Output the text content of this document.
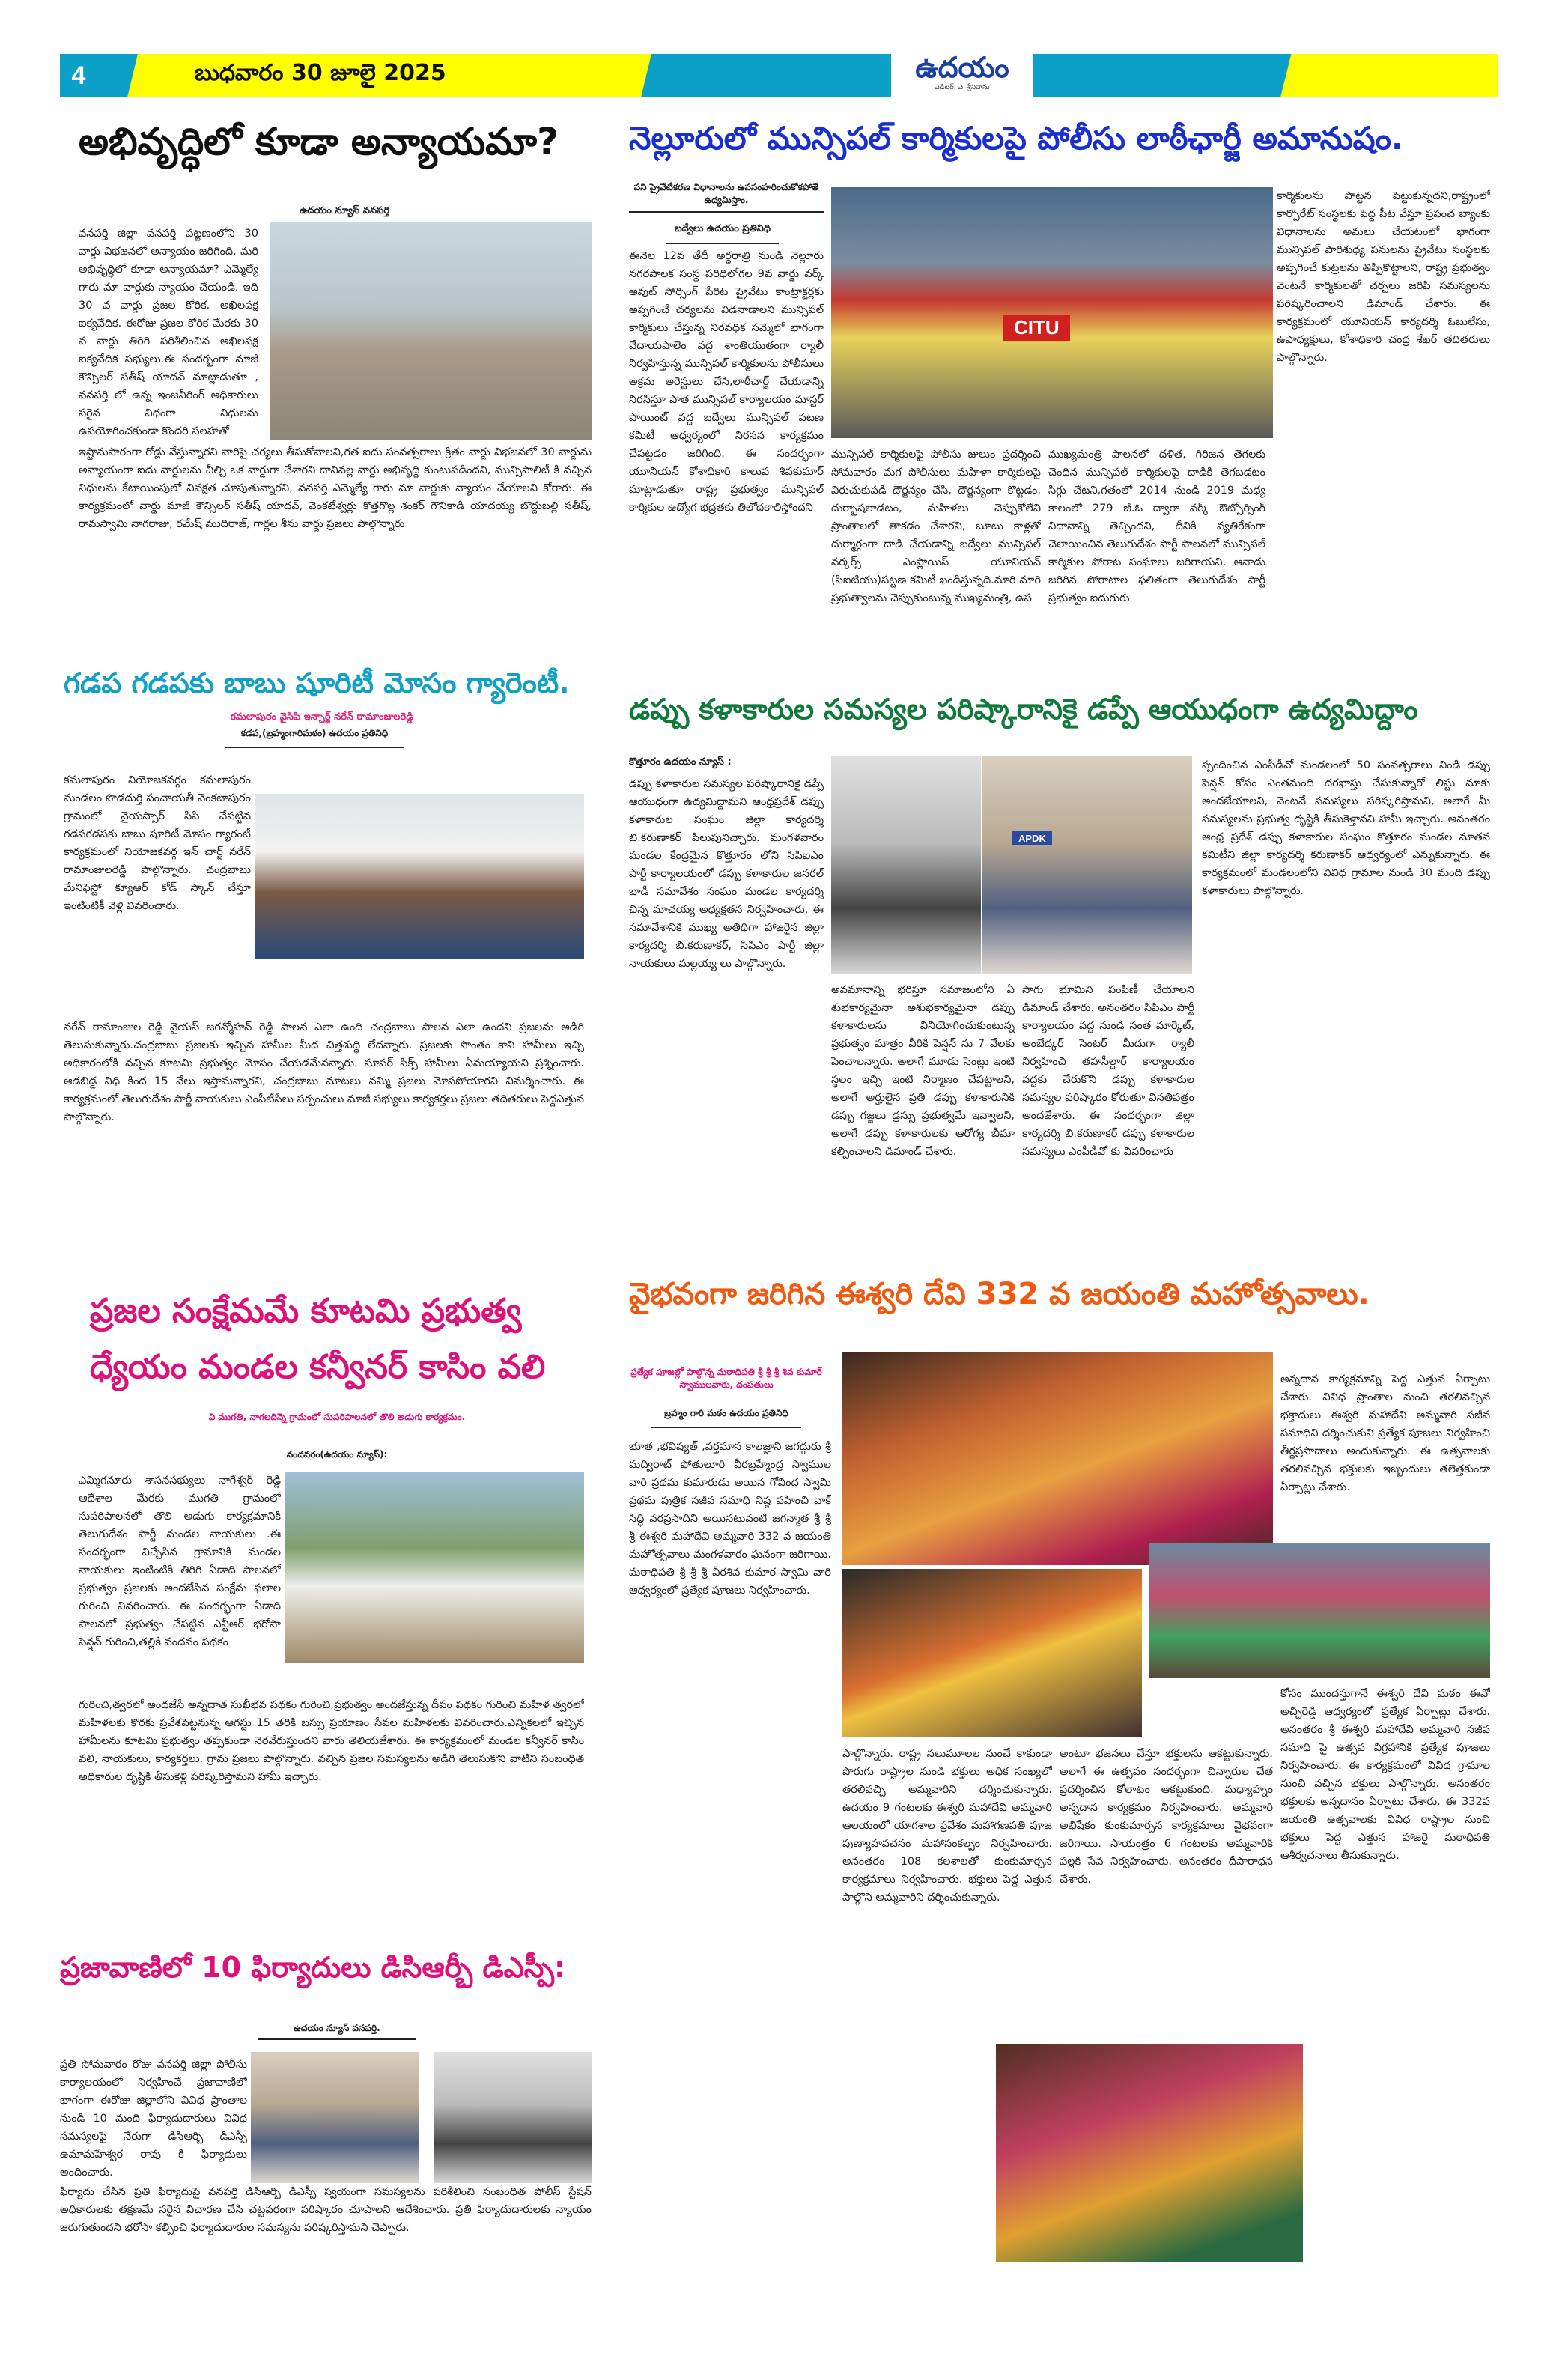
4	బుధవారం 30 జూలై 2025	ఉదయం
ఎడిటర్: ఎ. శ్రీనివాసు
అభివృద్ధిలో కూడా అన్యాయమా?
ఉదయం న్యూస్ వనపర్తి
వనపర్తి జిల్లా వనపర్తి పట్టణంలోని 30 వార్డు విభజనలో అన్యాయం జరిగింది. మరి అభివృద్ధిలో కూడా అన్యాయమా? ఎమ్మెల్యే గారు మా వార్డుకు న్యాయం చేయండి. ఇది 30 వ వార్డు ప్రజల కోరిక. అఖిలపక్ష ఐక్యవేదిక. ఈరోజు ప్రజల కోరిక మేరకు 30 వ వార్డు తిరిగి పరిశీలించిన అఖిలపక్ష ఐక్యవేదిక సభ్యులు.ఈ సందర్భంగా మాజీ కౌన్సిలర్ సతీష్ యాదవ్ మాట్లాడుతూ , వనపర్తి లో ఉన్న ఇంజనీరింగ్ అధికారులు సరైన విధంగా నిధులను ఉపయోగించకుండా కొందరి సలహాతో
ఇష్టానుసారంగా రోడ్లు వేస్తున్నారని వారిపై చర్యలు తీసుకోవాలని,గత ఐదు సంవత్సరాలు క్రితం వార్డు విభజనలో 30 వార్డును అన్యాయంగా ఐదు వార్డులను చీల్చి ఒక వార్డుగా చేశారని దానివల్ల వార్డు అభివృద్ధి కుంటుపడిందని, మున్సిపాలిటీ కి వచ్చిన నిధులను కేటాయింపులో వివక్షత చూపుతున్నారని, వనపర్తి ఎమ్మెల్యే గారు మా వార్డుకు న్యాయం చేయాలని కోరారు. ఈ కార్యక్రమంలో వార్డు మాజీ కౌన్సిలర్ సతీష్ యాదవ్, వెంకటేశ్వర్లు కొత్తగొల్ల శంకర్ గౌనికాడి యాదయ్య బొద్దుబల్లి సతీష్, రామస్వామి నాగరాజు, రమేష్ ముదిరాజ్, గార్లల శీను వార్డు ప్రజలు పాల్గొన్నారు
నెల్లూరులో మున్సిపల్ కార్మికులపై పోలీసు లాఠీఛార్జీ అమానుషం.
పని ప్రైవేటీకరణ విధానాలను ఉపసంహరించుకోకపోతే ఉద్యమిస్తాం.
బద్వేలు ఉదయం ప్రతినిధి
ఈనెల 12వ తేదీ అర్ధరాత్రి నుండి నెల్లూరు నగరపాలక సంస్థ పరిధిలోగల 9వ వార్డు వర్క్ అవుట్ సోర్సింగ్ పేరిట ప్రైవేటు కాంట్రాక్టర్లకు అప్పగించే చర్యలను విడనాడాలని మున్సిపల్ కార్మికులు చేస్తున్న నిరవధిక సమ్మెలో భాగంగా వేదాయపాలెం వద్ద శాంతియుతంగా ర్యాలీ నిర్వహిస్తున్న మున్సిపల్ కార్మికులను పోలీసులు అక్రమ అరెస్టులు చేసి,లాఠీచార్జ్ చేయడాన్ని నిరసిస్తూ పాత మున్సిపల్ కార్యాలయం మాస్టర్ పాయింట్ వద్ద బద్వేలు మున్సిపల్ పటణ కమిటీ ఆధ్వర్యంలో నిరసన కార్యక్రమం చేపట్టడం జరిగింది. ఈ సందర్భంగా యూనియన్ కోశాధికారి కాలువ శివకుమార్ మాట్లాడుతూ రాష్ట్ర ప్రభుత్వం మున్సిపల్ కార్మికుల ఉద్యోగ భద్రతకు తిలోదకాలిస్తోందని
CITU
మున్సిపల్ కార్మికులపై పోలీసు జులుం ప్రదర్శించి సోమవారం మగ పోలీసులు మహిళా కార్మికులపై విరుచుకుపడి దౌర్జన్యం చేసి, దౌర్జన్యంగా కొట్టడం, దుర్భాషలాడటం, మహిళలు చెప్పుకోలేని ప్రాంతాలలో తాకడం చేశారని, బూటు కాళ్లతో దుర్మార్గంగా దాడి చేయడాన్ని బద్వేలు మున్సిపల్ వర్కర్స్ ఎంప్లాయిస్ యూనియన్ (సిఐటియు)పట్టణ కమిటీ ఖండిస్తున్నది.మారి మారి ప్రభుత్వాలను చెప్పుకుంటున్న ముఖ్యమంత్రి, ఉప
ముఖ్యమంత్రి పాలనలో దళిత, గిరిజన తెగలకు చెందిన మున్సిపల్ కార్మికులపై దాడికి తెగబడటం సిగ్గు చేటని,గతంలో 2014 నుండి 2019 మధ్య కాలంలో 279 జీ.ఓ ద్వారా వర్క్ ఔట్సోర్సింగ్ విధానాన్ని తెచ్చిందని, దీనికి వ్యతిరేకంగా చెలాయించిన తెలుగుదేశం పార్టీ పాలనలో మున్సిపల్ కార్మికుల పోరాట సంఘాలు జరిగాయని, ఆనాడు జరిగిన పోరాటాల ఫలితంగా తెలుగుదేశం పార్టీ ప్రభుత్వం ఐదుగురు
కార్మికులను పొట్టన పెట్టుకున్నదని,రాష్ట్రంలో కార్పొరేట్ సంస్థలకు పెద్ద పీట వేస్తూ ప్రపంచ బ్యాంకు విధానాలను అమలు చేయటంలో భాగంగా మున్సిపల్ పారిశుధ్య పనులను ప్రైవేటు సంస్థలకు అప్పగించే కుట్రలను తిప్పికొట్టాలని, రాష్ట్ర ప్రభుత్వం వెంటనే కార్మికులతో చర్చలు జరిపి సమస్యలను పరిష్కరించాలని డిమాండ్ చేశారు. ఈ కార్యక్రమంలో యూనియన్ కార్యదర్శి ఓబులేసు, ఉపాధ్యక్షులు, కోశాధికారి చంద్ర శేఖర్ తదితరులు పాల్గొన్నారు.
గడప గడపకు బాబు షూరిటీ మోసం గ్యారెంటీ.
కమలాపురం వైసిపి ఇన్చార్జ్ నరేన్ రామాంజులరెడ్డి
కడప,(బ్రహ్మంగారిమఠం) ఉదయం ప్రతినిధి
కమలాపురం నియోజకవర్గం కమలాపురం మండలం పొడదుర్తి పంచాయతీ వెంకటాపురం గ్రామంలో వైయస్సార్ సిపి చేపట్టిన గడపగడపకు బాబు షూరిటీ మోసం గ్యారంటీ కార్యక్రమంలో నియోజకవర్గ ఇన్ చార్జ్ నరేన్ రామాంజులరెడ్డి పాల్గొన్నారు. చంద్రబాబు మేనిఫెస్టో క్యూఆర్ కోడ్ స్కాన్ చేస్తూ ఇంటింటికీ వెళ్లి వివరించారు.
నరేన్ రామాంజుల రెడ్డి వైయస్ జగన్మోహన్ రెడ్డి పాలన ఎలా ఉంది చంద్రబాబు పాలన ఎలా ఉందని ప్రజలను అడిగి తెలుసుకున్నారు.చంద్రబాబు ప్రజలకు ఇచ్చిన హామీల మీద చిత్తశుద్ధి లేదన్నారు. ప్రజలకు సొంతం కాని హామీలు ఇచ్చి అధికారంలోకి వచ్చిన కూటమి ప్రభుత్వం మోసం చేయడమేనన్నారు. సూపర్ సిక్స్ హామీలు ఏమయ్యాయని ప్రశ్నించారు. ఆడబిడ్డ నిధి కింద 15 వేలు ఇస్తామన్నారని, చంద్రబాబు మాటలు నమ్మి ప్రజలు మోసపోయారని విమర్శించారు. ఈ కార్యక్రమంలో తెలుగుదేశం పార్టీ నాయకులు ఎంపీటీసీలు సర్పంచులు మాజీ సభ్యులు కార్యకర్తలు ప్రజలు తదితరులు పెద్దఎత్తున పాల్గొన్నారు.
డప్పు కళాకారుల సమస్యల పరిష్కారానికై డప్పే ఆయుధంగా ఉద్యమిద్దాం
కొత్తూరం ఉదయం న్యూస్ :
డప్పు కళాకారుల సమస్యల పరిష్కారానికై డప్పే ఆయుధంగా ఉద్యమిద్దామని ఆంధ్రప్రదేశ్ డప్పు కళాకారుల సంఘం జిల్లా కార్యదర్శి బి.కరుణాకర్ పిలుపునిచ్చారు. మంగళవారం మండల కేంద్రమైన కొత్తూరం లోని సిపిఐఎం పార్టీ కార్యాలయంలో డప్పు కళాకారుల జనరల్ బాడీ సమావేశం సంఘం మండల కార్యదర్శి చిన్న మాచయ్య అధ్యక్షతన నిర్వహించారు. ఈ సమావేశానికి ముఖ్య అతిథిగా హాజరైన జిల్లా కార్యదర్శి బి.కరుణాకర్, సిపిఎం పార్టీ జిల్లా నాయకులు మల్లయ్య లు పాల్గొన్నారు.
APDK
అవమానాన్ని భరిస్తూ సమాజంలోని ఏ శుభకార్యమైనా అశుభకార్యమైనా డప్పు కళాకారులను వినియోగించుకుంటున్న ప్రభుత్వం మాత్రం వీరికి పెన్షన్ ను 7 వేలకు పెంచాలన్నారు. అలాగే మూడు సెంట్లు ఇంటి స్థలం ఇచ్చి ఇంటి నిర్మాణం చేపట్టాలని, అలాగే అర్హులైన ప్రతి డప్పు కళాకారునికి డప్పు గజ్జలు డ్రస్సు ప్రభుత్వమే ఇవ్వాలని, అలాగే డప్పు కళాకారులకు ఆరోగ్య బీమా కల్పించాలని డిమాండ్ చేశారు.
సాగు భూమిని పంపిణీ చేయాలని డిమాండ్ చేశారు. అనంతరం సిపిఎం పార్టీ కార్యాలయం వద్ద నుండి సంత మార్కెట్, అంబేద్కర్ సెంటర్ మీదుగా ర్యాలీ నిర్వహించి తహసీల్దార్ కార్యాలయం వద్దకు చేరుకొని డప్పు కళాకారుల సమస్యల పరిష్కారం కోరుతూ వినతిపత్రం అందజేశారు. ఈ సందర్భంగా జిల్లా కార్యదర్శి బి.కరుణాకర్ డప్పు కళాకారుల సమస్యలు ఎంపీడీవో కు వివరించారు
స్పందించిన ఎంపీడీవో మండలంలో 50 సంవత్సరాలు నిండి డప్పు పెన్షన్ కోసం ఎంతమంది దరఖాస్తు చేసుకున్నారో లిస్టు మాకు అందజేయాలని, వెంటనే సమస్యలు పరిష్కరిస్తామని, అలాగే మీ సమస్యలను ప్రభుత్వ దృష్టికి తీసుకెళ్తానని హామీ ఇచ్చారు. అనంతరం ఆంధ్ర ప్రదేశ్ డప్పు కళాకారుల సంఘం కొత్తూరం మండల నూతన కమిటీని జిల్లా కార్యదర్శి కరుణాకర్ ఆధ్వర్యంలో ఎన్నుకున్నారు. ఈ కార్యక్రమంలో మండలంలోని వివిధ గ్రామాల నుండి 30 మంది డప్పు కళాకారులు పాల్గొన్నారు.
ప్రజల సంక్షేమమే కూటమి ప్రభుత్వ
ధ్యేయం మండల కన్వీనర్ కాసిం వలి
వి ముగతి, నాగలదిన్నె గ్రామంలో సుపరిపాలనలో తొలి అడుగు కార్యక్రమం.
నందవరం(ఉదయం న్యూస్):
ఎమ్మిగనూరు శాసనసభ్యులు నాగేశ్వర్ రెడ్డి ఆదేశాల మేరకు ముగతి గ్రామంలో సుపరిపాలనలో తొలి అడుగు కార్యక్రమానికి తెలుగుదేశం పార్టీ మండల నాయకులు .ఈ సందర్భంగా విచ్చేసిన గ్రామానికి మండల నాయకులు ఇంటింటికి తిరిగి ఏడాది పాలనలో ప్రభుత్వం ప్రజలకు అందజేసిన సంక్షేమ ఫలాల గురించి వివరించారు. ఈ సందర్భంగా ఏడాది పాలనలో ప్రభుత్వం చేపట్టిన ఎన్టీఆర్ భరోసా పెన్షన్ గురించి,తల్లికి వందనం పథకం
గురించి,త్వరలో అందజేసే అన్నదాత సుఖీభవ పథకం గురించి,ప్రభుత్వం అందజేస్తున్న దీపం పథకం గురించి మహిళ త్వరలో మహిళలకు కొరకు ప్రవేశపెట్టనున్న ఆగస్టు 15 తరికి బస్సు ప్రయాణం సేవల మహిళలకు వివరించారు.ఎన్నికలలో ఇచ్చిన హామీలను కూటమి ప్రభుత్వం తప్పకుండా నెరవేరుస్తుందని వారు తెలియజేశారు. ఈ కార్యక్రమంలో మండల కన్వీనర్ కాసిం వలి, నాయకులు, కార్యకర్తలు, గ్రామ ప్రజలు పాల్గొన్నారు. వచ్చిన ప్రజల సమస్యలను అడిగి తెలుసుకొని వాటిని సంబంధిత అధికారుల దృష్టికి తీసుకెళ్లి పరిష్కరిస్తామని హామీ ఇచ్చారు.
వైభవంగా జరిగిన ఈశ్వరి దేవి 332 వ జయంతి మహోత్సవాలు.
ప్రత్యేక పూజల్లో పాల్గొన్న మఠాధిపతి శ్రీ శ్రీ శ్రీ శివ కుమార్ స్వాములవారు, దంపతులు
బ్రహ్మం గారి మఠం ఉదయం ప్రతినిధి
భూత ,భవిష్యత్ ,వర్తమాన కాలజ్ఞాని జగద్గురు శ్రీ మద్విరాట్ పోతులూరి వీరబ్రహ్మేంద్ర స్వాముల వారి ప్రథమ కుమారుడు అయిన గోవింద స్వామి ప్రథమ పుత్రిక సజీవ సమాధి నిష్ఠ వహించి వాక్ సిద్ధి వరప్రసాదిని అయినటువంటి జగన్మాత శ్రీ శ్రీ శ్రీ ఈశ్వరి మహాదేవి అమ్మవారి 332 వ జయంతి మహోత్సవాలు మంగళవారం ఘనంగా జరిగాయి. మఠాధిపతి శ్రీ శ్రీ శ్రీ వీరశివ కుమార స్వామి వారి ఆధ్వర్యంలో ప్రత్యేక పూజలు నిర్వహించారు.
అన్నదాన కార్యక్రమాన్ని పెద్ద ఎత్తున ఏర్పాటు చేశారు. వివిధ ప్రాంతాల నుంచి తరలివచ్చిన భక్తాదులు ఈశ్వరి మహాదేవి అమ్మవారి సజీవ సమాధిని దర్శించుకుని ప్రత్యేక పూజలు నిర్వహించి తీర్థప్రసాదాలు అందుకున్నారు. ఈ ఉత్సవాలకు తరలివచ్చిన భక్తులకు ఇబ్బందులు తలెత్తకుండా ఏర్పాట్లు చేశారు.
పాల్గొన్నారు. రాష్ట్ర నలుమూలల నుంచే కాకుండా పొరుగు రాష్ట్రాల నుండి భక్తులు అధిక సంఖ్యలో తరలివచ్చి అమ్మవారిని దర్శించుకున్నారు. ఉదయం 9 గంటలకు ఈశ్వరి మహాదేవి అమ్మవారి ఆలయంలో యాగశాల ప్రవేశం మహాగణపతి పూజ పుణ్యాహవచనం మహాసంకల్పం నిర్వహించారు. అనంతరం 108 కలశాలతో కుంకుమార్చన కార్యక్రమాలు నిర్వహించారు. భక్తులు పెద్ద ఎత్తున పాల్గొని అమ్మవారిని దర్శించుకున్నారు.
అంటూ భజనలు చేస్తూ భక్తులను ఆకట్టుకున్నారు. అలాగే ఈ ఉత్సవం సందర్భంగా చిన్నారుల చేత ప్రదర్శించిన కోలాటం ఆకట్టుకుంది. మధ్యాహ్నం అన్నదాన కార్యక్రమం నిర్వహించారు. అమ్మవారి అభిషేకం కుంకుమార్చన కార్యక్రమాలు వైభవంగా జరిగాయి. సాయంత్రం 6 గంటలకు అమ్మవారికి పల్లకి సేవ నిర్వహించారు. అనంతరం దీపారాధన చేశారు.
కోసం ముందస్తుగానే ఈశ్వరి దేవి మఠం ఈవో అచ్చిరెడ్డి ఆధ్వర్యంలో ప్రత్యేక ఏర్పాట్లు చేశారు. అనంతరం శ్రీ ఈశ్వరి మహాదేవి అమ్మవారి సజీవ సమాధి పై ఉత్సవ విగ్రహానికి ప్రత్యేక పూజలు నిర్వహించారు. ఈ కార్యక్రమంలో వివిధ గ్రామాల నుంచి వచ్చిన భక్తులు పాల్గొన్నారు. అనంతరం భక్తులకు అన్నదానం ఏర్పాటు చేశారు. ఈ 332వ జయంతి ఉత్సవాలకు వివిధ రాష్ట్రాల నుంచి భక్తులు పెద్ద ఎత్తున హాజరై మఠాధిపతి ఆశీర్వచనాలు తీసుకున్నారు.
ప్రజావాణిలో 10 ఫిర్యాదులు డిసిఆర్బీ డిఎస్పీ:
ఉదయం న్యూస్ వనపర్తి.
ప్రతి సోమవారం రోజు వనపర్తి జిల్లా పోలీసు కార్యాలయంలో నిర్వహించే ప్రజావాణిలో భాగంగా ఈరోజు జిల్లాలోని వివిధ ప్రాంతాల నుండి 10 మంది ఫిర్యాదుదారులు వివిధ సమస్యలపై నేరుగా డిసిఆర్బి డిఎస్పీ ఉమామహేశ్వర రావు కి ఫిర్యాదులు అందించారు.
ఫిర్యాదు చేసిన ప్రతి ఫిర్యాదుపై వనపర్తి డిసిఆర్బి డిఎస్పీ స్వయంగా సమస్యలను పరిశీలించి సంబంధిత పోలీస్ స్టేషన్ అధికారులకు తక్షణమే సరైన విచారణ చేసి చట్టపరంగా పరిష్కారం చూపాలని ఆదేశించారు. ప్రతి ఫిర్యాదుదారులకు న్యాయం జరుగుతుందని భరోసా కల్పించి ఫిర్యాదుదారుల సమస్యను పరిష్కరిస్తామని చెప్పారు.
